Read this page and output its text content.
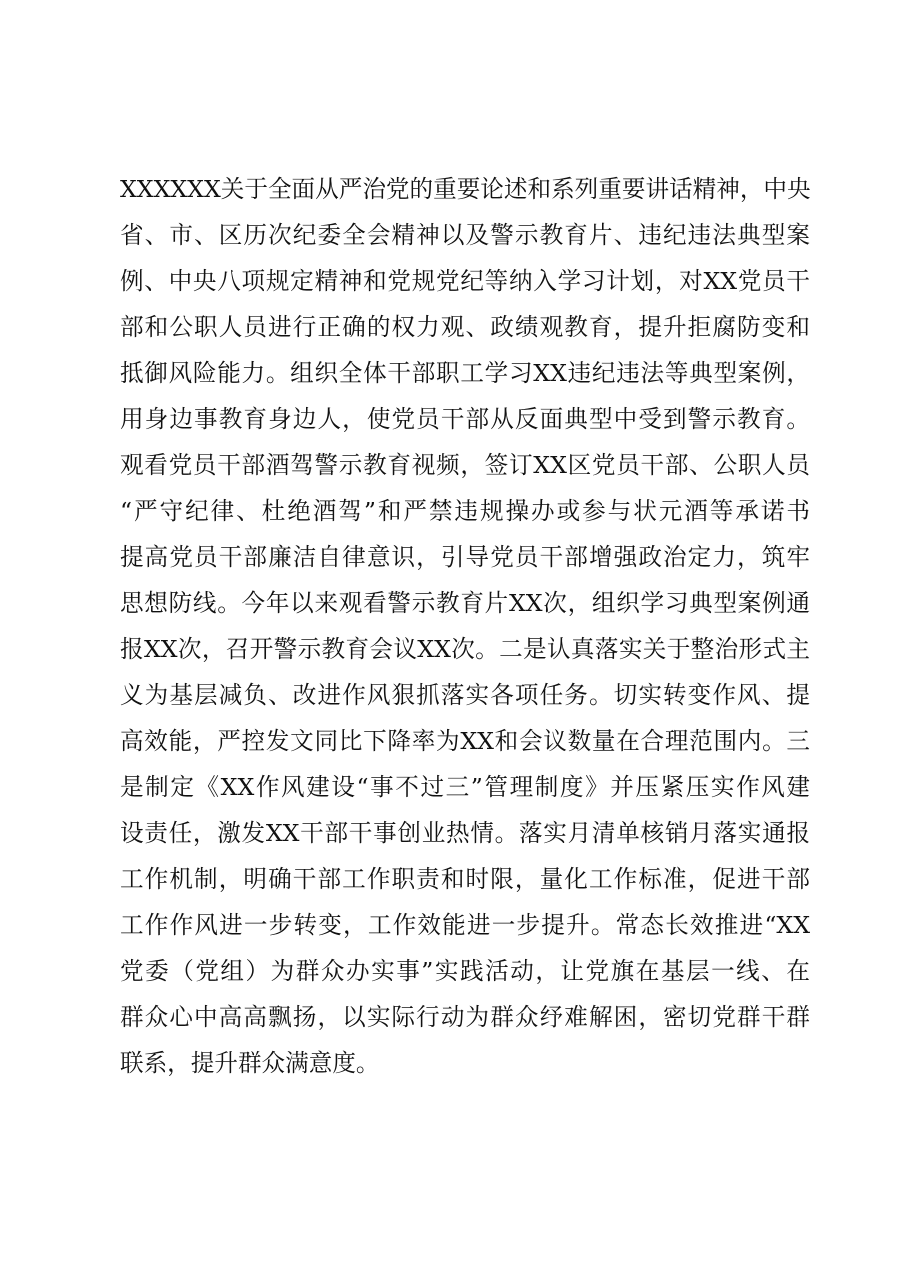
XXXXXX关于全面从严治党的重要论述和系列重要讲话精神，中央
省、市、区历次纪委全会精神以及警示教育片、违纪违法典型案
例、中央八项规定精神和党规党纪等纳入学习计划，对XX党员干
部和公职人员进行正确的权力观、政绩观教育，提升拒腐防变和
抵御风险能力。组织全体干部职工学习XX违纪违法等典型案例，
用身边事教育身边人，使党员干部从反面典型中受到警示教育。
观看党员干部酒驾警示教育视频，签订XX区党员干部、公职人员
“严守纪律、杜绝酒驾”和严禁违规操办或参与状元酒等承诺书
提高党员干部廉洁自律意识，引导党员干部增强政治定力，筑牢
思想防线。今年以来观看警示教育片XX次，组织学习典型案例通
报XX次，召开警示教育会议XX次。二是认真落实关于整治形式主
义为基层减负、改进作风狠抓落实各项任务。切实转变作风、提
高效能，严控发文同比下降率为XX和会议数量在合理范围内。三
是制定《XX作风建设“事不过三”管理制度》并压紧压实作风建
设责任，激发XX干部干事创业热情。落实月清单核销月落实通报
工作机制，明确干部工作职责和时限，量化工作标准，促进干部
工作作风进一步转变，工作效能进一步提升。常态长效推进“XX
党委（党组）为群众办实事”实践活动，让党旗在基层一线、在
群众心中高高飘扬，以实际行动为群众纾难解困，密切党群干群
联系，提升群众满意度。
